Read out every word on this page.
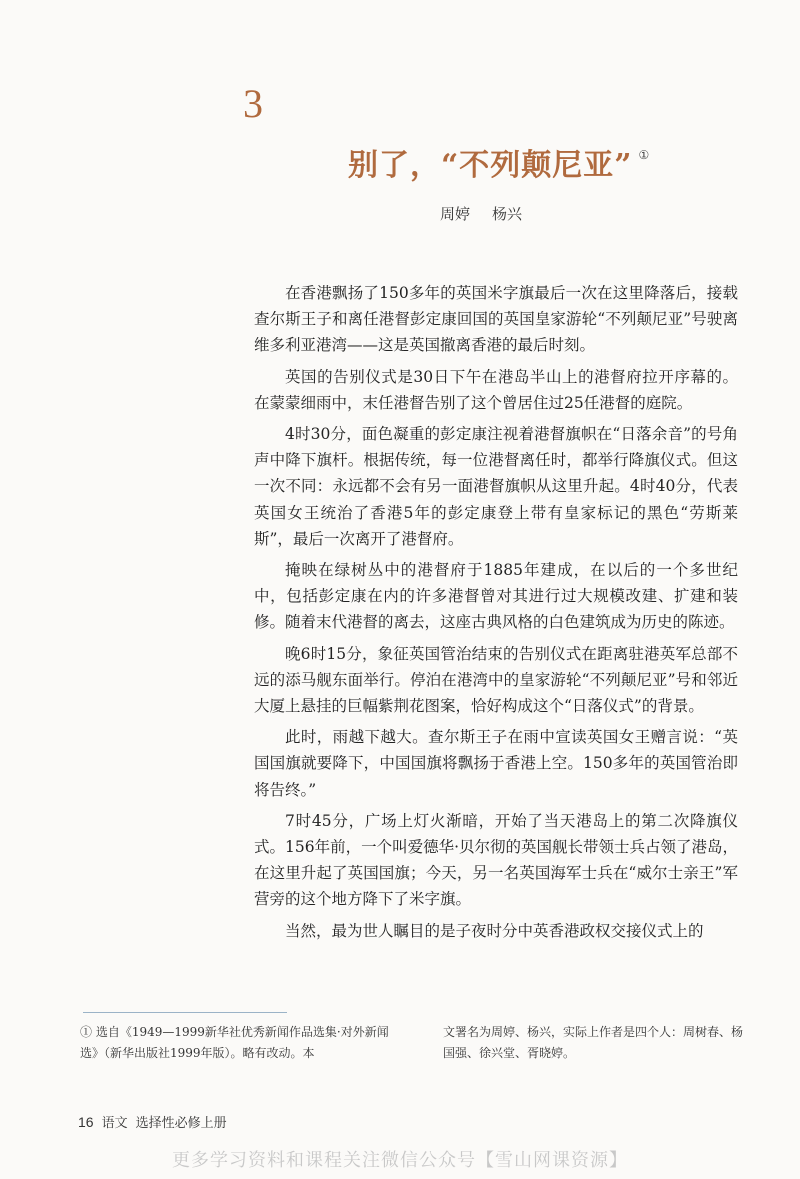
3
别了，“不列颠尼亚” ①
周婷 杨兴

在香港飘扬了150多年的英国米字旗最后一次在这里降落后，接载查尔斯王子和离任港督彭定康回国的英国皇家游轮“不列颠尼亚”号驶离维多利亚港湾——这是英国撤离香港的最后时刻。

英国的告别仪式是30日下午在港岛半山上的港督府拉开序幕的。在蒙蒙细雨中，末任港督告别了这个曾居住过25任港督的庭院。

4时30分，面色凝重的彭定康注视着港督旗帜在“日落余音”的号角声中降下旗杆。根据传统，每一位港督离任时，都举行降旗仪式。但这一次不同：永远都不会有另一面港督旗帜从这里升起。4时40分，代表英国女王统治了香港5年的彭定康登上带有皇家标记的黑色“劳斯莱斯”，最后一次离开了港督府。

掩映在绿树丛中的港督府于1885年建成，在以后的一个多世纪中，包括彭定康在内的许多港督曾对其进行过大规模改建、扩建和装修。随着末代港督的离去，这座古典风格的白色建筑成为历史的陈迹。

晚6时15分，象征英国管治结束的告别仪式在距离驻港英军总部不远的添马舰东面举行。停泊在港湾中的皇家游轮“不列颠尼亚”号和邻近大厦上悬挂的巨幅紫荆花图案，恰好构成这个“日落仪式”的背景。

此时，雨越下越大。查尔斯王子在雨中宣读英国女王赠言说：“英国国旗就要降下，中国国旗将飘扬于香港上空。150多年的英国管治即将告终。”

7时45分，广场上灯火渐暗，开始了当天港岛上的第二次降旗仪式。156年前，一个叫爱德华·贝尔彻的英国舰长带领士兵占领了港岛，在这里升起了英国国旗；今天，另一名英国海军士兵在“威尔士亲王”军营旁的这个地方降下了米字旗。

当然，最为世人瞩目的是子夜时分中英香港政权交接仪式上的

① 选自《1949—1999新华社优秀新闻作品选集·对外新闻选》（新华出版社1999年版）。略有改动。本
文署名为周婷、杨兴，实际上作者是四个人：周树春、杨国强、徐兴堂、胥晓婷。
16 语文 选择性必修上册
更多学习资料和课程关注微信公众号【雪山网课资源】
